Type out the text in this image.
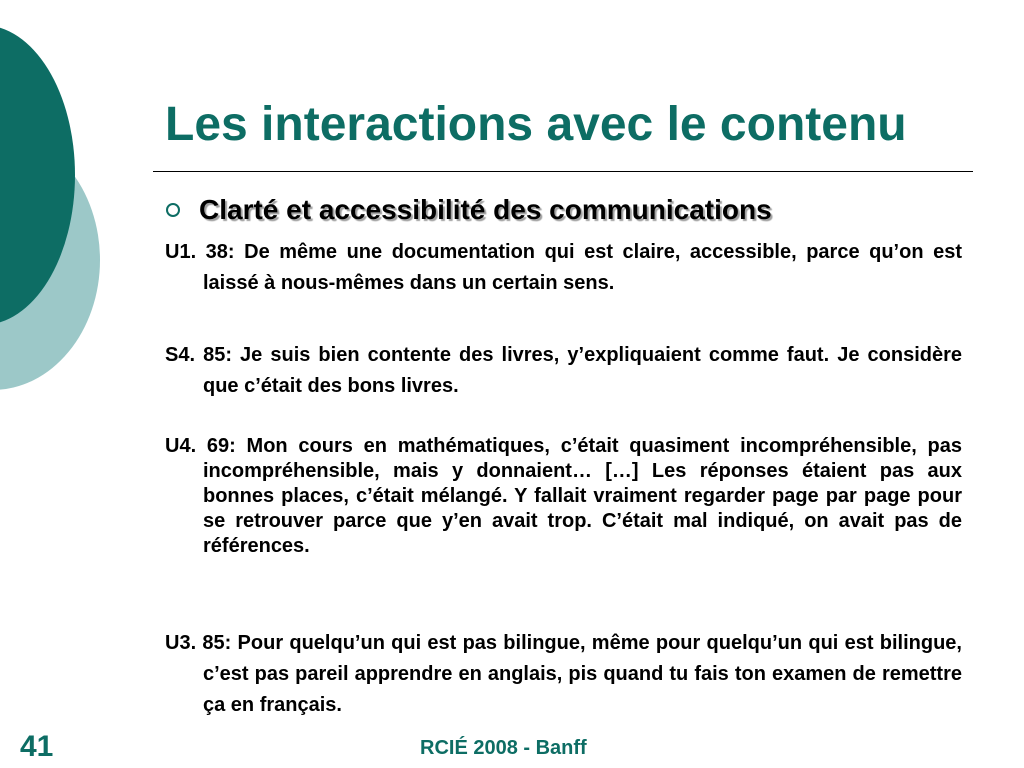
Les interactions avec le contenu
Clarté et accessibilité des communications

U1. 38: De même une documentation qui est claire, accessible, parce qu’on est laissé à nous-mêmes dans un certain sens.

S4. 85: Je suis bien contente des livres, y’expliquaient comme faut. Je considère que c’était des bons livres.

U4. 69: Mon cours en mathématiques, c’était quasiment incompréhensible, pas incompréhensible, mais y donnaient… […] Les réponses étaient pas aux bonnes places, c’était mélangé. Y fallait vraiment regarder page par page pour se retrouver parce que y’en avait trop. C’était mal indiqué, on avait pas de références.

U3. 85: Pour quelqu’un qui est pas bilingue, même pour quelqu’un qui est bilingue, c’est pas pareil apprendre en anglais, pis quand tu fais ton examen de remettre ça en français.

RCIÉ 2008 - Banff
41
